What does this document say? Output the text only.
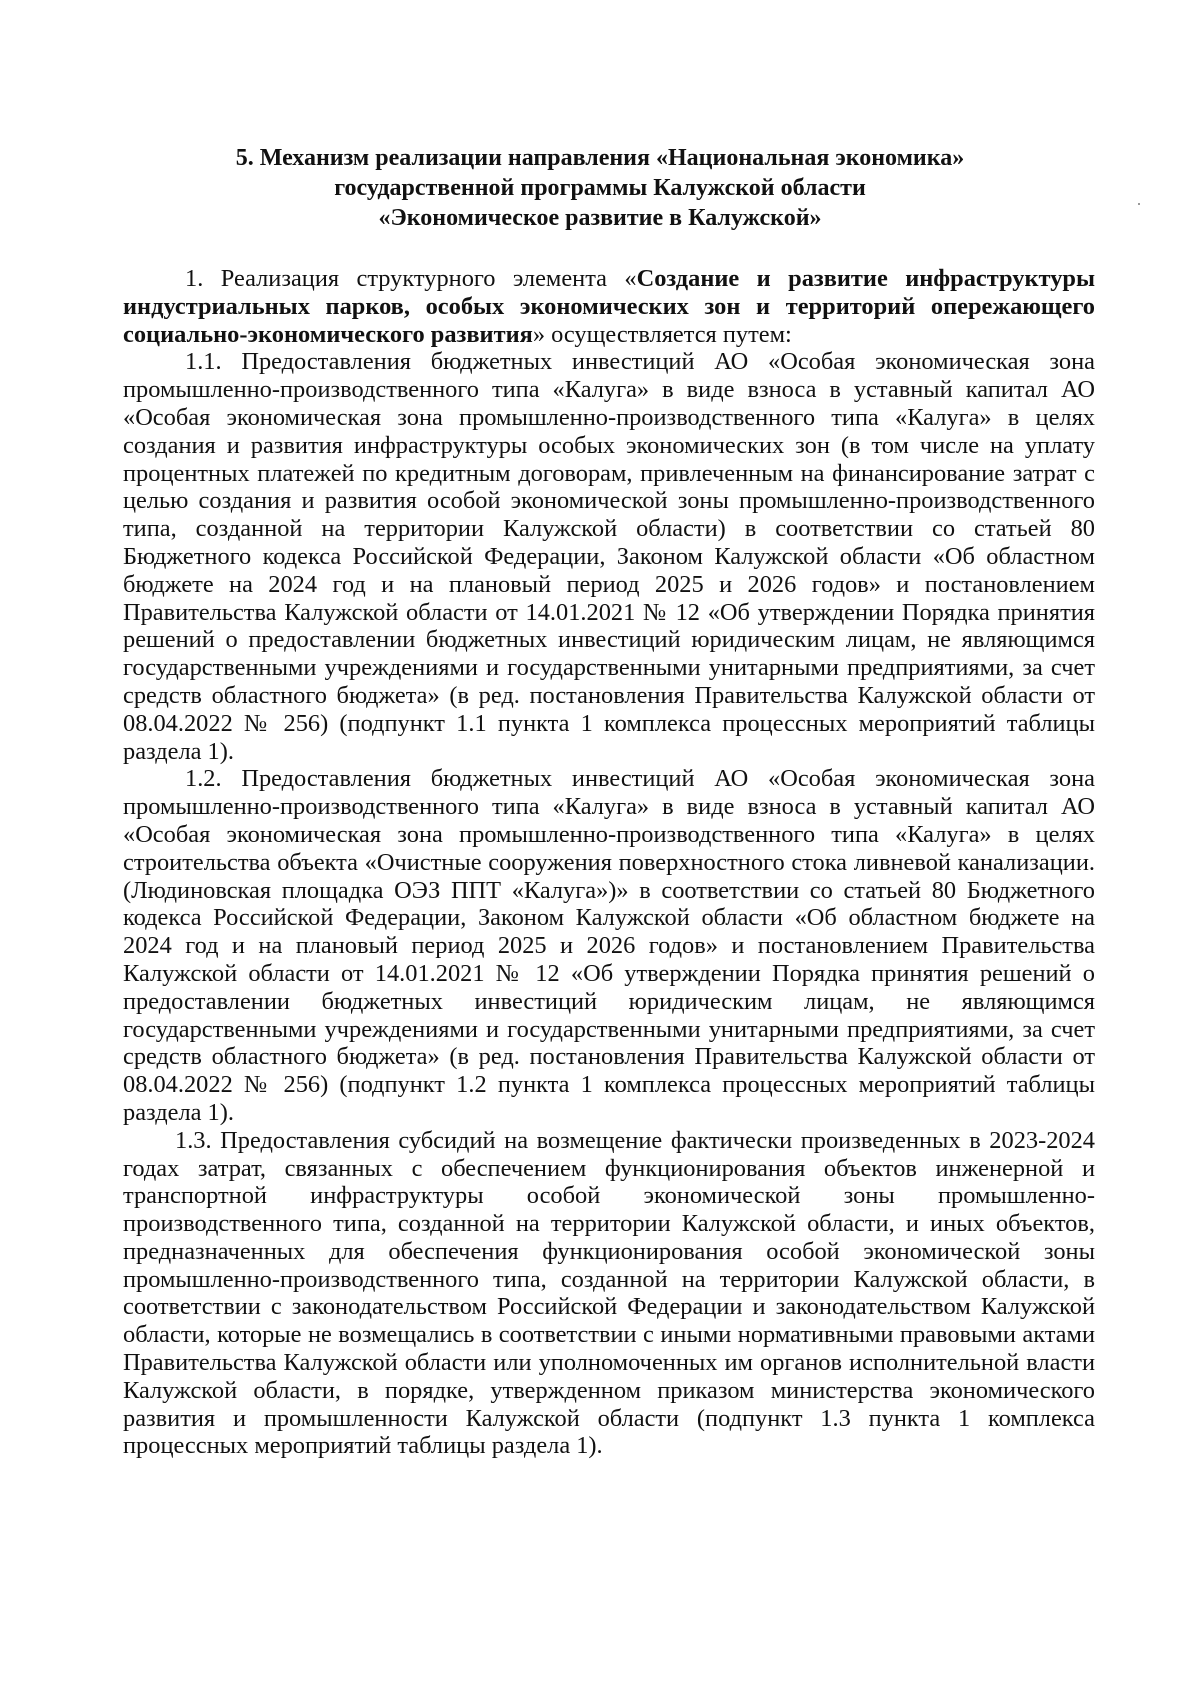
5. Механизм реализации направления «Национальная экономика»
государственной программы Калужской области
«Экономическое развитие в Калужской»

1. Реализация структурного элемента «Создание и развитие инфраструктуры индустриальных парков, особых экономических зон и территорий опережающего социально-экономического развития» осуществляется путем:

1.1. Предоставления бюджетных инвестиций АО «Особая экономическая зона промышленно-производственного типа «Калуга» в виде взноса в уставный капитал АО «Особая экономическая зона промышленно-производственного типа «Калуга» в целях создания и развития инфраструктуры особых экономических зон (в том числе на уплату процентных платежей по кредитным договорам, привлеченным на финансирование затрат с целью создания и развития особой экономической зоны промышленно-производственного типа, созданной на территории Калужской области) в соответствии со статьей 80 Бюджетного кодекса Российской Федерации, Законом Калужской области «Об областном бюджете на 2024 год и на плановый период 2025 и 2026 годов» и постановлением Правительства Калужской области от 14.01.2021 № 12 «Об утверждении Порядка принятия решений о предоставлении бюджетных инвестиций юридическим лицам, не являющимся государственными учреждениями и государственными унитарными предприятиями, за счет средств областного бюджета» (в ред. постановления Правительства Калужской области от 08.04.2022 № 256) (подпункт 1.1 пункта 1 комплекса процессных мероприятий таблицы раздела 1).

1.2. Предоставления бюджетных инвестиций АО «Особая экономическая зона промышленно-производственного типа «Калуга» в виде взноса в уставный капитал АО «Особая экономическая зона промышленно-производственного типа «Калуга» в целях строительства объекта «Очистные сооружения поверхностного стока ливневой канализации. (Людиновская площадка ОЭЗ ППТ «Калуга»)» в соответствии со статьей 80 Бюджетного кодекса Российской Федерации, Законом Калужской области «Об областном бюджете на 2024 год и на плановый период 2025 и 2026 годов» и постановлением Правительства Калужской области от 14.01.2021 № 12 «Об утверждении Порядка принятия решений о предоставлении бюджетных инвестиций юридическим лицам, не являющимся государственными учреждениями и государственными унитарными предприятиями, за счет средств областного бюджета» (в ред. постановления Правительства Калужской области от 08.04.2022 № 256) (подпункт 1.2 пункта 1 комплекса процессных мероприятий таблицы раздела 1).

1.3. Предоставления субсидий на возмещение фактически произведенных в 2023-2024 годах затрат, связанных с обеспечением функционирования объектов инженерной и транспортной инфраструктуры особой экономической зоны промышленно-производственного типа, созданной на территории Калужской области, и иных объектов, предназначенных для обеспечения функционирования особой экономической зоны промышленно-производственного типа, созданной на территории Калужской области, в соответствии с законодательством Российской Федерации и законодательством Калужской области, которые не возмещались в соответствии с иными нормативными правовыми актами Правительства Калужской области или уполномоченных им органов исполнительной власти Калужской области, в порядке, утвержденном приказом министерства экономического развития и промышленности Калужской области (подпункт 1.3 пункта 1 комплекса процессных мероприятий таблицы раздела 1).
